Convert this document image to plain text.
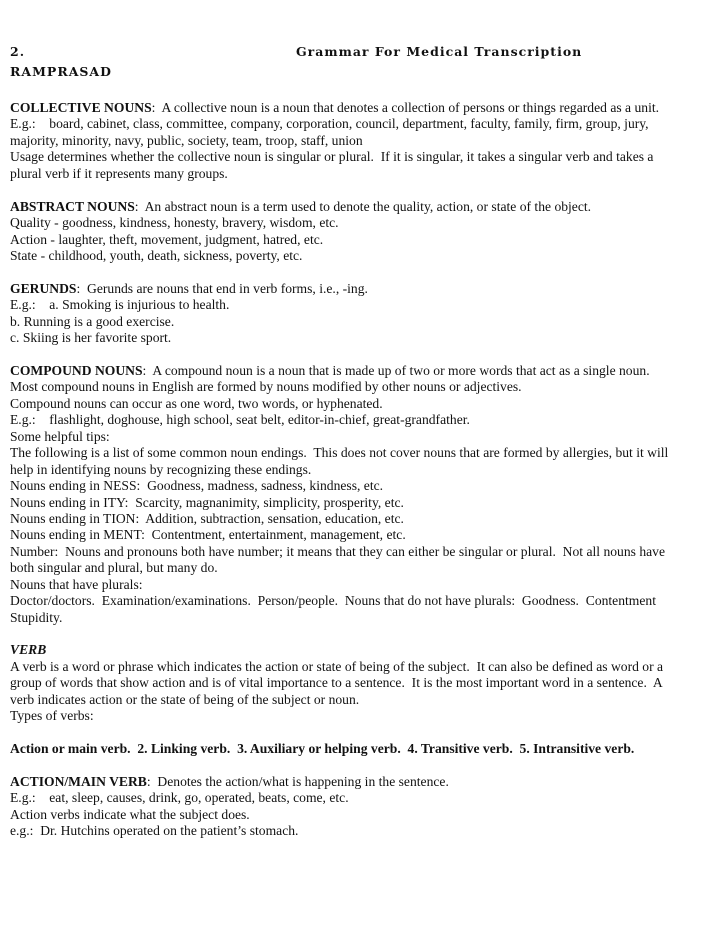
2.	Grammar For Medical Transcription
RAMPRASAD
COLLECTIVE NOUNS:  A collective noun is a noun that denotes a collection of persons or things regarded as a unit.
E.g.:    board, cabinet, class, committee, company, corporation, council, department, faculty, family, firm, group, jury,
majority, minority, navy, public, society, team, troop, staff, union
Usage determines whether the collective noun is singular or plural.  If it is singular, it takes a singular verb and takes a
plural verb if it represents many groups.
ABSTRACT NOUNS:  An abstract noun is a term used to denote the quality, action, or state of the object.
Quality - goodness, kindness, honesty, bravery, wisdom, etc.
Action - laughter, theft, movement, judgment, hatred, etc.
State - childhood, youth, death, sickness, poverty, etc.
GERUNDS:  Gerunds are nouns that end in verb forms, i.e., -ing.
E.g.:    a. Smoking is injurious to health.
b. Running is a good exercise.
c. Skiing is her favorite sport.
COMPOUND NOUNS:  A compound noun is a noun that is made up of two or more words that act as a single noun.
Most compound nouns in English are formed by nouns modified by other nouns or adjectives.
Compound nouns can occur as one word, two words, or hyphenated.
E.g.:    flashlight, doghouse, high school, seat belt, editor-in-chief, great-grandfather.
Some helpful tips:
The following is a list of some common noun endings.  This does not cover nouns that are formed by allergies, but it will
help in identifying nouns by recognizing these endings.
Nouns ending in NESS:  Goodness, madness, sadness, kindness, etc.
Nouns ending in ITY:  Scarcity, magnanimity, simplicity, prosperity, etc.
Nouns ending in TION:  Addition, subtraction, sensation, education, etc.
Nouns ending in MENT:  Contentment, entertainment, management, etc.
Number:  Nouns and pronouns both have number; it means that they can either be singular or plural.  Not all nouns have
both singular and plural, but many do.
Nouns that have plurals:
Doctor/doctors.  Examination/examinations.  Person/people.  Nouns that do not have plurals:  Goodness.  Contentment
Stupidity.
VERB
A verb is a word or phrase which indicates the action or state of being of the subject.  It can also be defined as word or a
group of words that show action and is of vital importance to a sentence.  It is the most important word in a sentence.  A
verb indicates action or the state of being of the subject or noun.
Types of verbs:
Action or main verb.  2. Linking verb.  3. Auxiliary or helping verb.  4. Transitive verb.  5. Intransitive verb.
ACTION/MAIN VERB:  Denotes the action/what is happening in the sentence.
E.g.:    eat, sleep, causes, drink, go, operated, beats, come, etc.
Action verbs indicate what the subject does.
e.g.:  Dr. Hutchins operated on the patient’s stomach.
